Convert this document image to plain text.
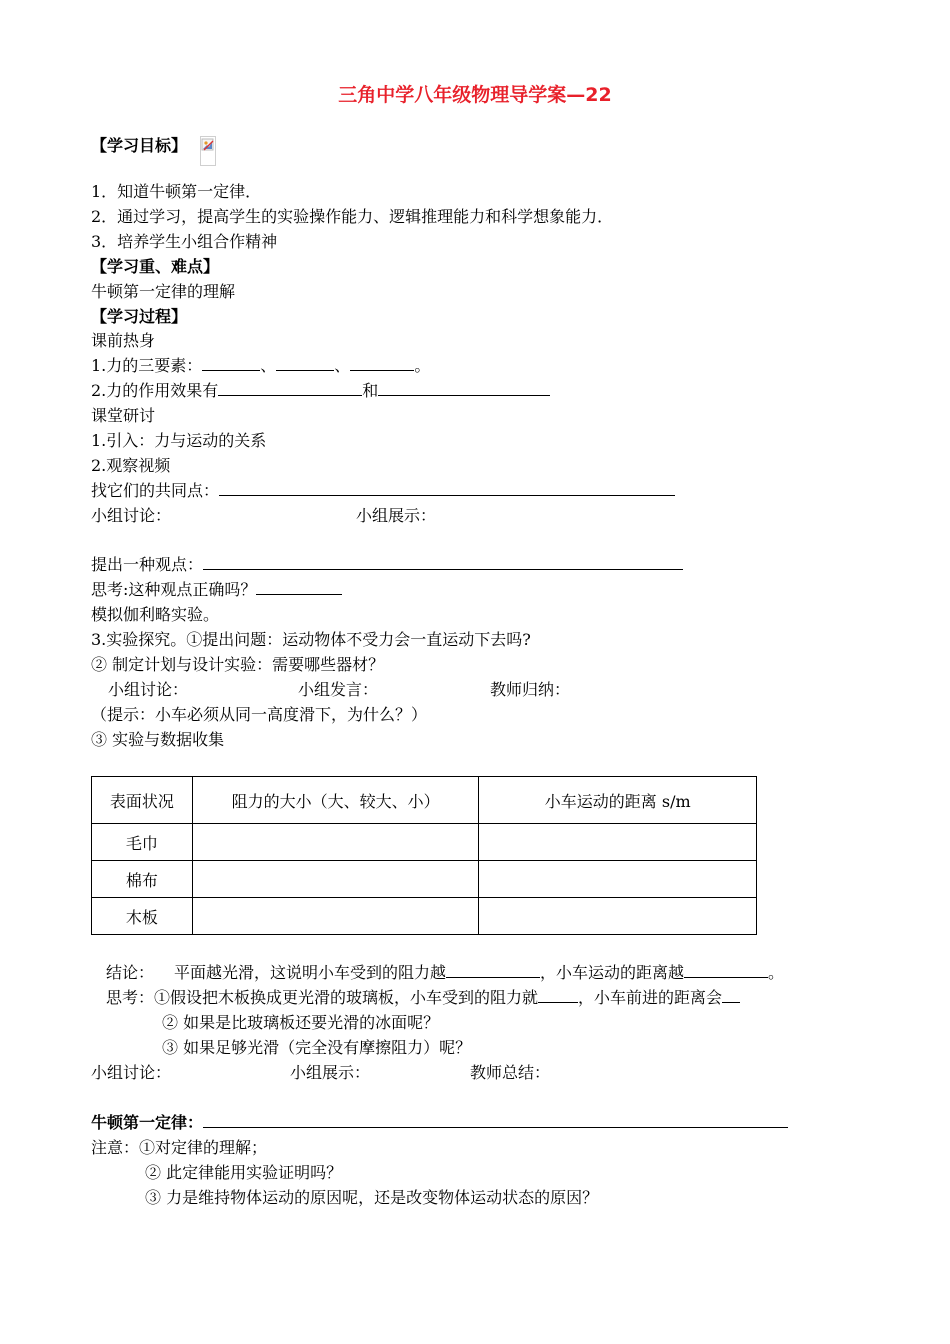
三角中学八年级物理导学案—22
【学习目标】
1．知道牛顿第一定律．
2．通过学习，提高学生的实验操作能力、逻辑推理能力和科学想象能力．
3．培养学生小组合作精神
【学习重、难点】
牛顿第一定律的理解
【学习过程】
课前热身
1.力的三要素：	、	、	。
2.力的作用效果有	和
课堂研讨
1.引入：力与运动的关系
2.观察视频
找它们的共同点：
小组讨论：	小组展示：
提出一种观点：
思考:这种观点正确吗？
模拟伽利略实验。
3.实验探究。①提出问题：运动物体不受力会一直运动下去吗?
② 制定计划与设计实验：需要哪些器材？
小组讨论：	小组发言：	教师归纳：
（提示：小车必须从同一高度滑下，为什么？）
③ 实验与数据收集
表面状况	阻力的大小（大、较大、小）	小车运动的距离 s/m
毛巾		
棉布		
木板		
结论： 平面越光滑，这说明小车受到的阻力越	，小车运动的距离越	。
思考：①假设把木板换成更光滑的玻璃板，小车受到的阻力就	，小车前进的距离会
② 如果是比玻璃板还要光滑的冰面呢？
③ 如果足够光滑（完全没有摩擦阻力）呢？
小组讨论：	小组展示：	教师总结：
牛顿第一定律：
注意：①对定律的理解；
② 此定律能用实验证明吗？
③ 力是维持物体运动的原因呢，还是改变物体运动状态的原因？
